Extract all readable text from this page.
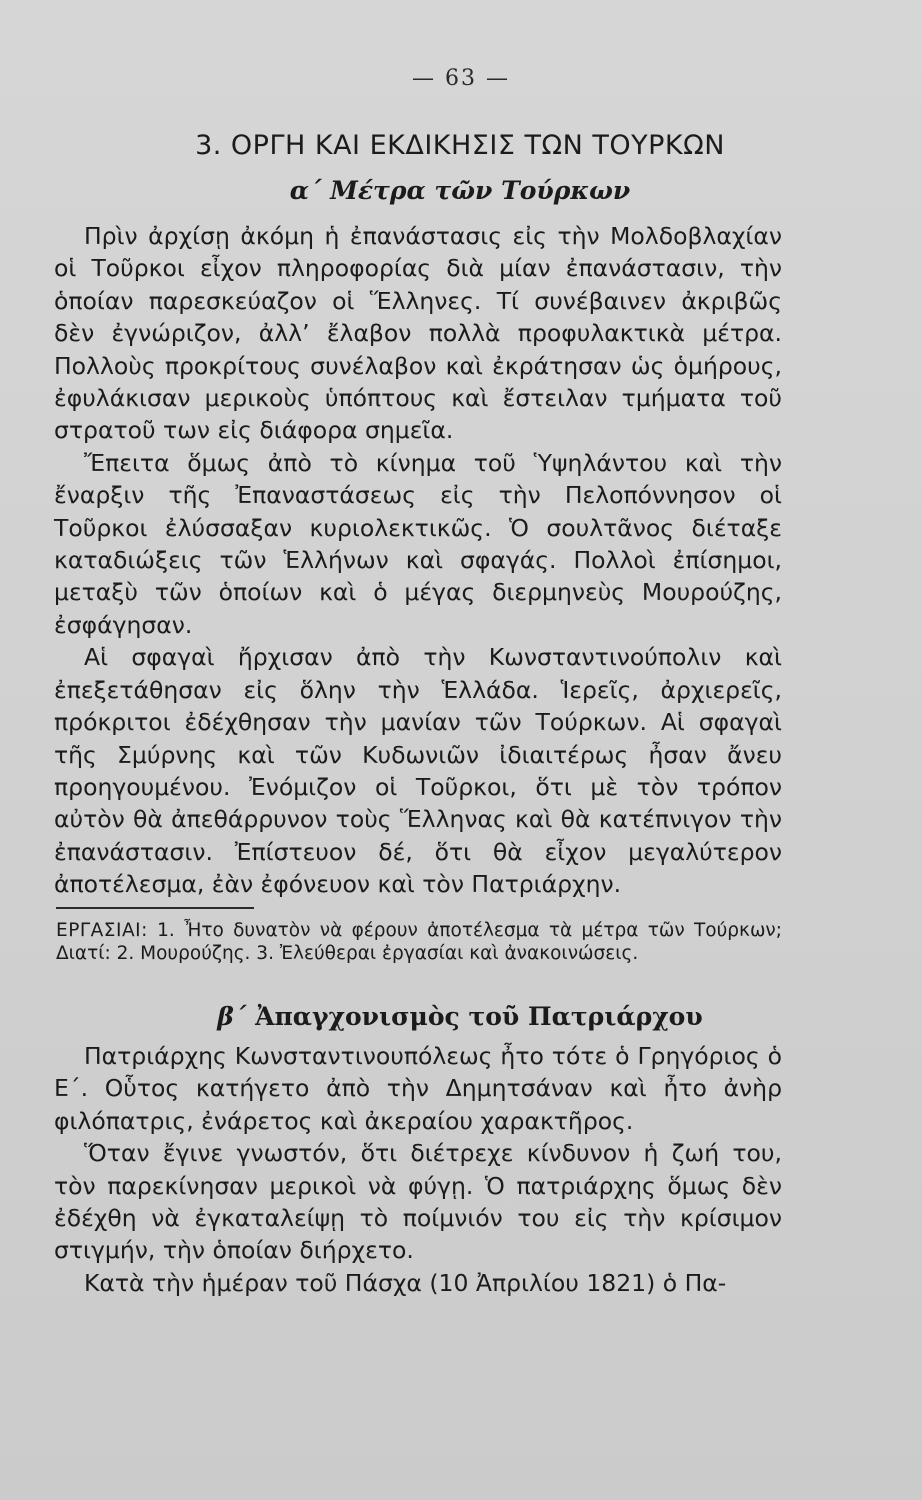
— 63 —
3. ΟΡΓΗ ΚΑΙ ΕΚΔΙΚΗΣΙΣ ΤΩΝ ΤΟΥΡΚΩΝ
α΄ Μέτρα τῶν Τούρκων

Πρὶν ἀρχίσῃ ἀκόμη ἡ ἐπανάστασις εἰς τὴν Μολδοβλαχίαν οἱ Τοῦρκοι εἶχον πληροφορίας διὰ μίαν ἐπανάστασιν, τὴν ὁποίαν παρεσκεύαζον οἱ Ἕλληνες. Τί συνέβαινεν ἀκριβῶς δὲν ἐγνώριζον, ἀλλ’ ἔλαβον πολλὰ προφυλακτικὰ μέτρα. Πολλοὺς προκρίτους συνέλαβον καὶ ἐκράτησαν ὡς ὁμήρους, ἐφυλάκισαν μερικοὺς ὑπόπτους καὶ ἔστειλαν τμήματα τοῦ στρατοῦ των εἰς διάφορα σημεῖα.

Ἔπειτα ὅμως ἀπὸ τὸ κίνημα τοῦ Ὑψηλάντου καὶ τὴν ἔναρξιν τῆς Ἐπαναστάσεως εἰς τὴν Πελοπόννησον οἱ Τοῦρκοι ἐλύσσαξαν κυριολεκτικῶς. Ὁ σουλτᾶνος διέταξε καταδιώξεις τῶν Ἑλλήνων καὶ σφαγάς. Πολλοὶ ἐπίσημοι, μεταξὺ τῶν ὁποίων καὶ ὁ μέγας διερμηνεὺς Μουρούζης, ἐσφάγησαν.

Αἱ σφαγαὶ ἤρχισαν ἀπὸ τὴν Κωνσταντινούπολιν καὶ ἐπεξετάθησαν εἰς ὅλην τὴν Ἑλλάδα. Ἱερεῖς, ἀρχιερεῖς, πρόκριτοι ἐδέχθησαν τὴν μανίαν τῶν Τούρκων. Αἱ σφαγαὶ τῆς Σμύρνης καὶ τῶν Κυδωνιῶν ἰδιαιτέρως ἦσαν ἄνευ προηγουμένου. Ἐνόμιζον οἱ Τοῦρκοι, ὅτι μὲ τὸν τρόπον αὐτὸν θὰ ἀπεθάρρυνον τοὺς Ἕλληνας καὶ θὰ κατέπνιγον τὴν ἐπανάστασιν. Ἐπίστευον δέ, ὅτι θὰ εἶχον μεγαλύτερον ἀποτέλεσμα, ἐὰν ἐφόνευον καὶ τὸν Πατριάρχην.

ΕΡΓΑΣΙΑΙ: 1. Ἦτο δυνατὸν νὰ φέρουν ἀποτέλεσμα τὰ μέτρα τῶν Τούρκων; Διατί: 2. Μουρούζης. 3. Ἐλεύθεραι ἐργασίαι καὶ ἀνακοινώσεις.
β΄ Ἀπαγχονισμὸς τοῦ Πατριάρχου

Πατριάρχης Κωνσταντινουπόλεως ἦτο τότε ὁ Γρηγόριος ὁ Ε΄. Οὗτος κατήγετο ἀπὸ τὴν Δημητσάναν καὶ ἦτο ἀνὴρ φιλόπατρις, ἐνάρετος καὶ ἀκεραίου χαρακτῆρος.

Ὅταν ἔγινε γνωστόν, ὅτι διέτρεχε κίνδυνον ἡ ζωή του, τὸν παρεκίνησαν μερικοὶ νὰ φύγῃ. Ὁ πατριάρχης ὅμως δὲν ἐδέχθη νὰ ἐγκαταλείψῃ τὸ ποίμνιόν του εἰς τὴν κρίσιμον στιγμήν, τὴν ὁποίαν διήρχετο.

Κατὰ τὴν ἡμέραν τοῦ Πάσχα (10 Ἀπριλίου 1821) ὁ Πα-
